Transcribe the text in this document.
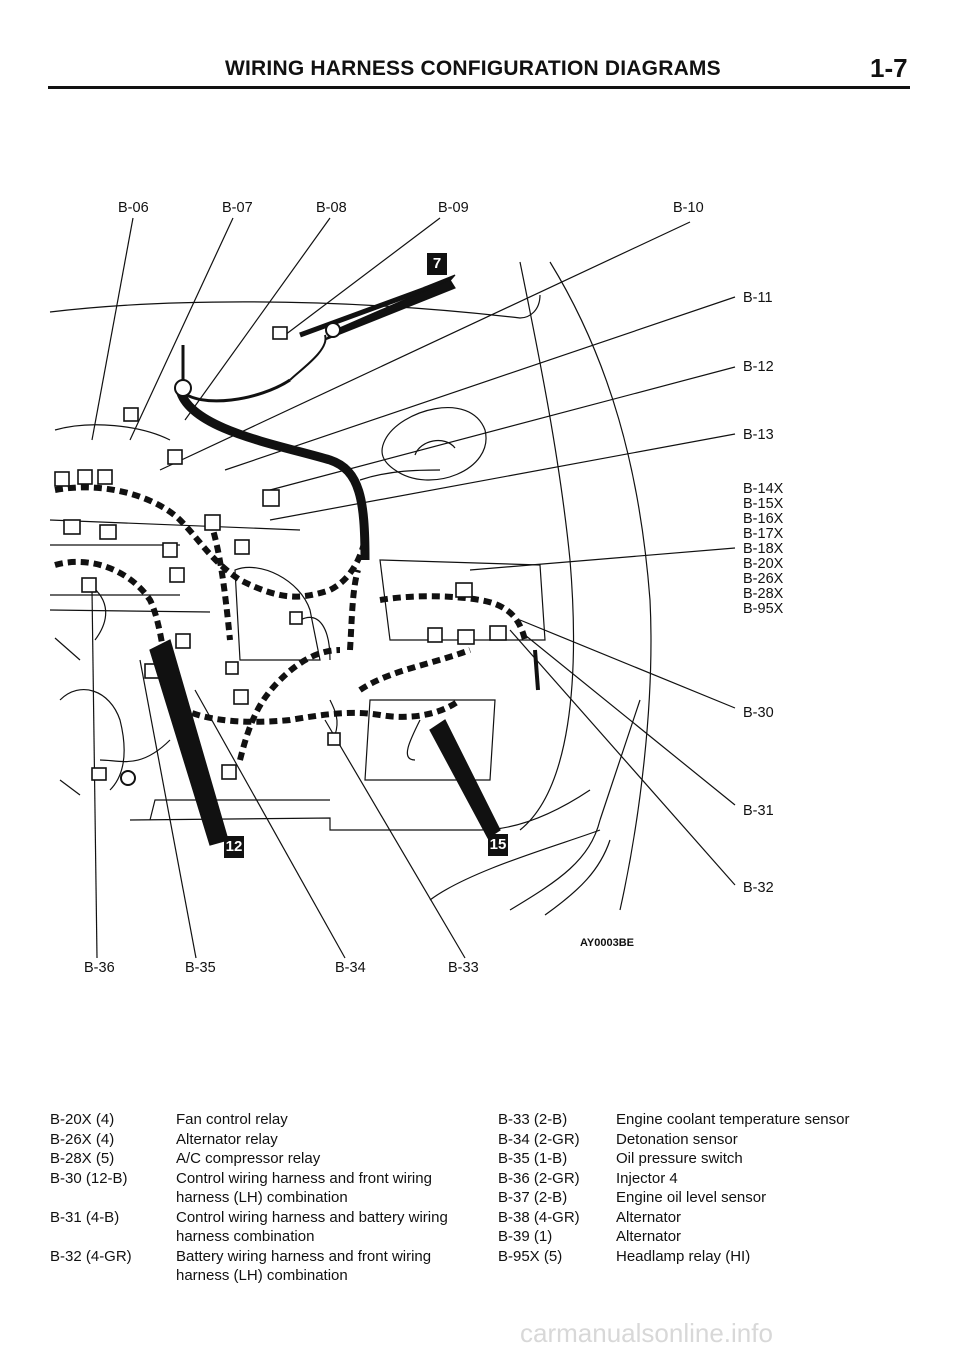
WIRING HARNESS CONFIGURATION DIAGRAMS	1-7
B-06	B-07	B-08	B-09	B-10
B-11
B-12
B-13
B-14X
B-15X
B-16X
B-17X
B-18X
B-20X
B-26X
B-28X
B-95X
B-30
B-31
B-32
B-36	B-35	B-34	B-33
7
12	15
AY0003BE
B-20X (4)	Fan control relay
B-26X (4)	Alternator relay
B-28X (5)	A/C compressor relay
B-30 (12-B)	Control wiring harness and front wiring harness (LH) combination
B-31 (4-B)	Control wiring harness and battery wiring harness combination
B-32 (4-GR)	Battery wiring harness and front wiring harness (LH) combination
B-33 (2-B)	Engine coolant temperature sensor
B-34 (2-GR)	Detonation sensor
B-35 (1-B)	Oil pressure switch
B-36 (2-GR)	Injector 4
B-37 (2-B)	Engine oil level sensor
B-38 (4-GR)	Alternator
B-39 (1)	Alternator
B-95X (5)	Headlamp relay (HI)
carmanualsonline.info
